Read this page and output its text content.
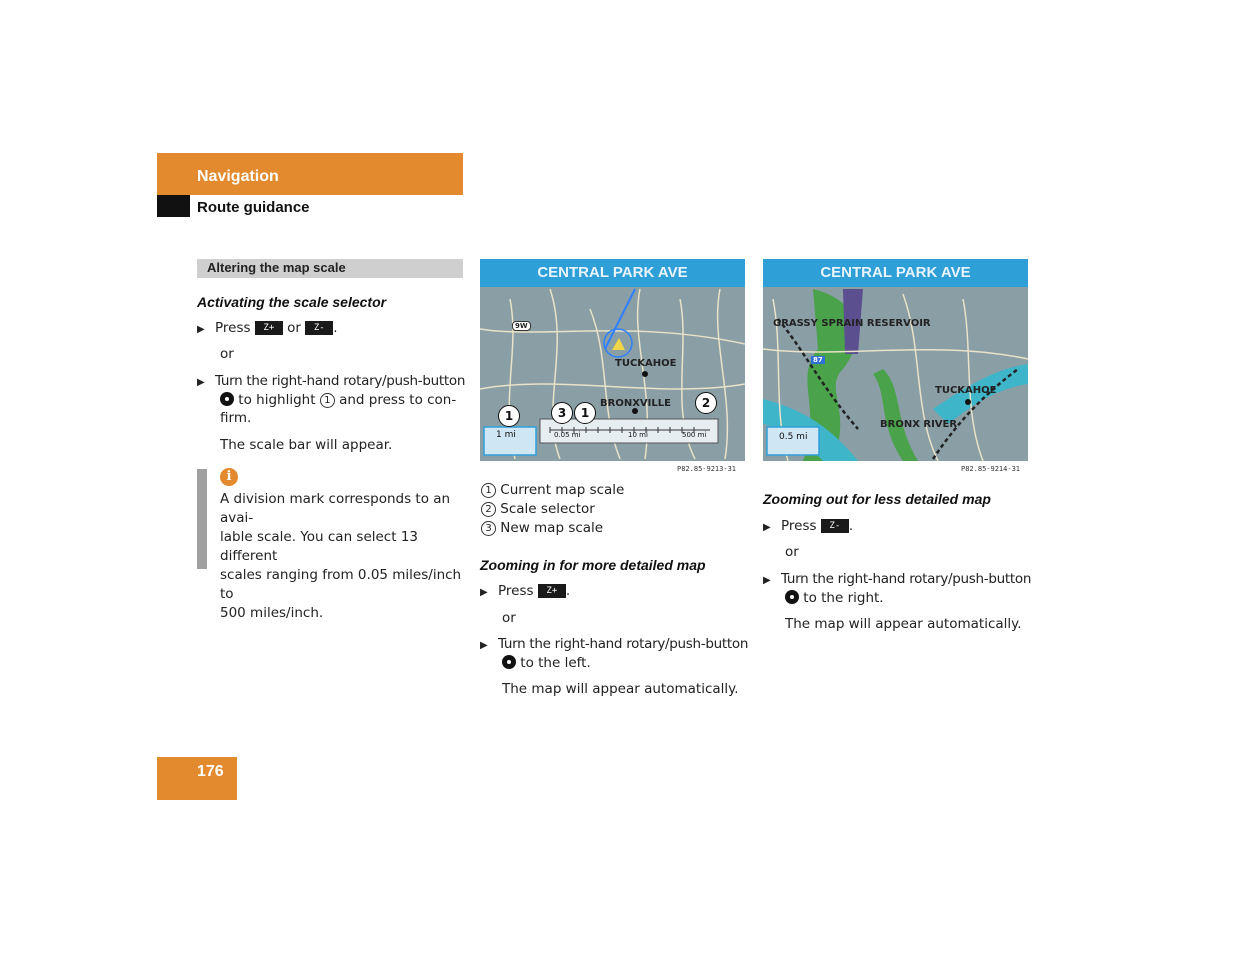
Navigation
Route guidance
Altering the map scale
Activating the scale selector
▶ Press Z+ or Z- .
or
▶ Turn the right-hand rotary/push-button
to highlight 1 and press to con-
firm.
The scale bar will appear.
i
A division mark corresponds to an avai-
lable scale. You can select 13 different
scales ranging from 0.05 miles/inch to
500 miles/inch.
CENTRAL PARK AVE
9W
TUCKAHOE
BRONXVILLE
1 mi	0.05 mi	10 mi	500 mi
1	3	1
2
P82.85-9213-31
1 Current map scale
2 Scale selector
3 New map scale
Zooming in for more detailed map
▶ Press Z+ .
or
▶ Turn the right-hand rotary/push-button
to the left.
The map will appear automatically.
CENTRAL PARK AVE
GRASSY SPRAIN RESERVOIR
TUCKAHOE
BRONX RIVER
87
0.5 mi
P82.85-9214-31
Zooming out for less detailed map
▶ Press Z- .
or
▶ Turn the right-hand rotary/push-button
to the right.
The map will appear automatically.
176
